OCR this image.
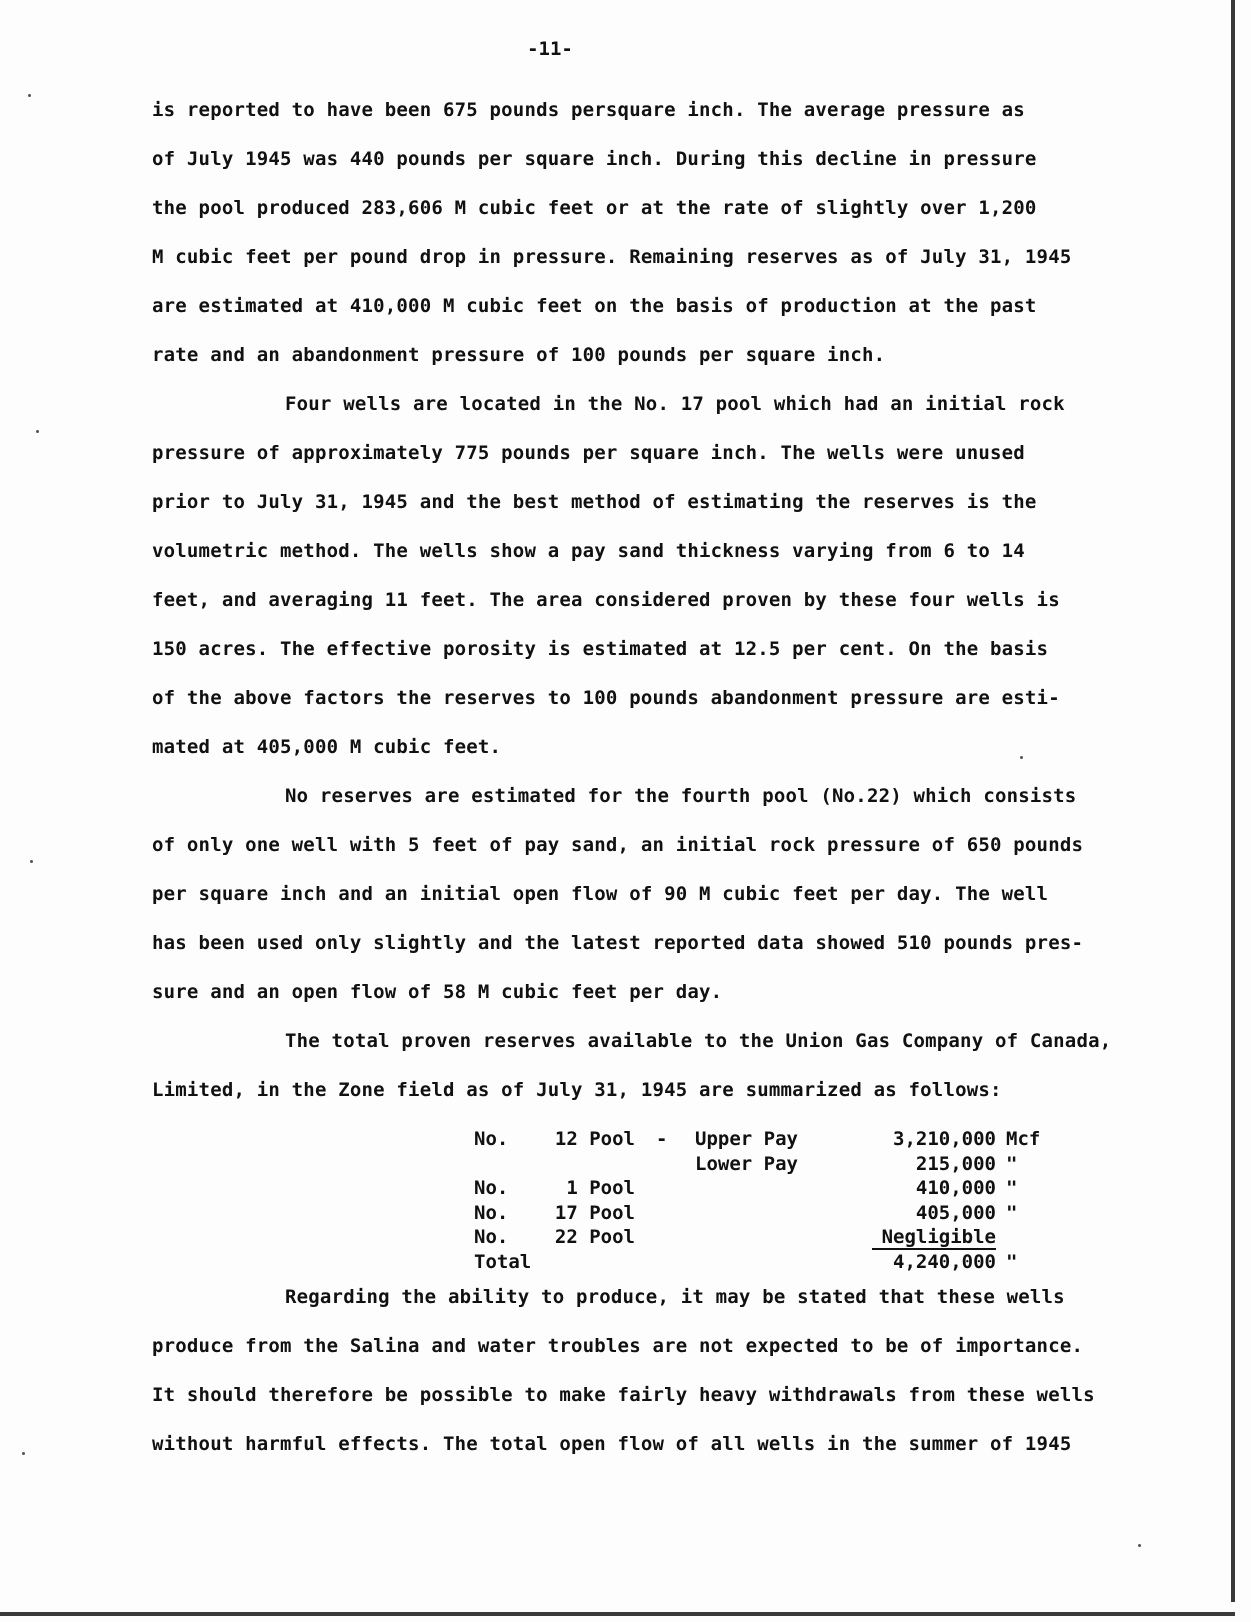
-11-
is reported to have been 675 pounds persquare inch. The average pressure as
of July 1945 was 440 pounds per square inch. During this decline in pressure
the pool produced 283,606 M cubic feet or at the rate of slightly over 1,200
M cubic feet per pound drop in pressure. Remaining reserves as of July 31, 1945
are estimated at 410,000 M cubic feet on the basis of production at the past
rate and an abandonment pressure of 100 pounds per square inch.
Four wells are located in the No. 17 pool which had an initial rock
pressure of approximately 775 pounds per square inch. The wells were unused
prior to July 31, 1945 and the best method of estimating the reserves is the
volumetric method. The wells show a pay sand thickness varying from 6 to 14
feet, and averaging 11 feet. The area considered proven by these four wells is
150 acres. The effective porosity is estimated at 12.5 per cent. On the basis
of the above factors the reserves to 100 pounds abandonment pressure are esti-
mated at 405,000 M cubic feet.
No reserves are estimated for the fourth pool (No.22) which consists
of only one well with 5 feet of pay sand, an initial rock pressure of 650 pounds
per square inch and an initial open flow of 90 M cubic feet per day. The well
has been used only slightly and the latest reported data showed 510 pounds pres-
sure and an open flow of 58 M cubic feet per day.
The total proven reserves available to the Union Gas Company of Canada,
Limited, in the Zone field as of July 31, 1945 are summarized as follows:
No.	12 Pool - Upper Pay	3,210,000 Mcf
Lower Pay	215,000 "
No.	1 Pool	410,000 "
No.	17 Pool	405,000 "
No.	22 Pool	Negligible
Total	4,240,000 "
Regarding the ability to produce, it may be stated that these wells
produce from the Salina and water troubles are not expected to be of importance.
It should therefore be possible to make fairly heavy withdrawals from these wells
without harmful effects. The total open flow of all wells in the summer of 1945
